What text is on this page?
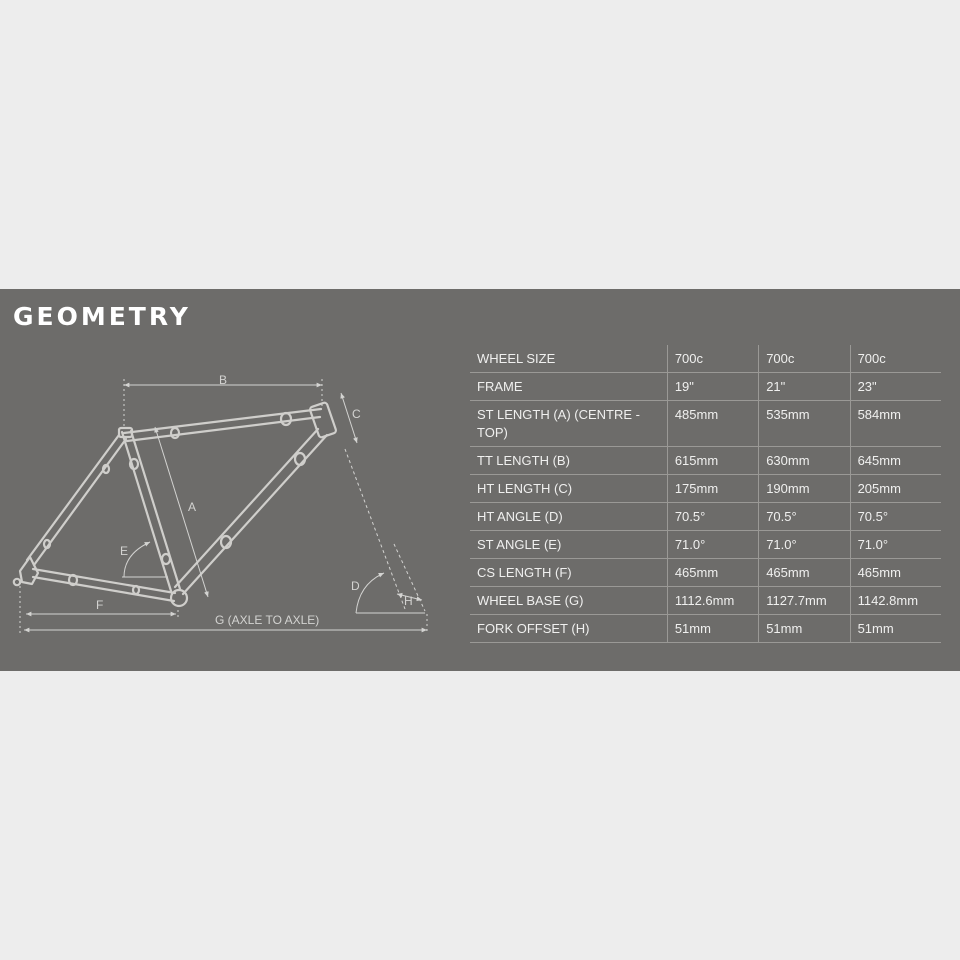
GEOMETRY
B
C
A
E
F
G (AXLE TO AXLE)
D
H
WHEEL SIZE	700c	700c	700c
FRAME	19"	21"	23"
ST LENGTH (A) (CENTRE - TOP)	485mm	535mm	584mm
TT LENGTH (B)	615mm	630mm	645mm
HT LENGTH (C)	175mm	190mm	205mm
HT ANGLE (D)	70.5°	70.5°	70.5°
ST ANGLE (E)	71.0°	71.0°	71.0°
CS LENGTH (F)	465mm	465mm	465mm
WHEEL BASE (G)	1112.6mm	1127.7mm	1142.8mm
FORK OFFSET (H)	51mm	51mm	51mm
